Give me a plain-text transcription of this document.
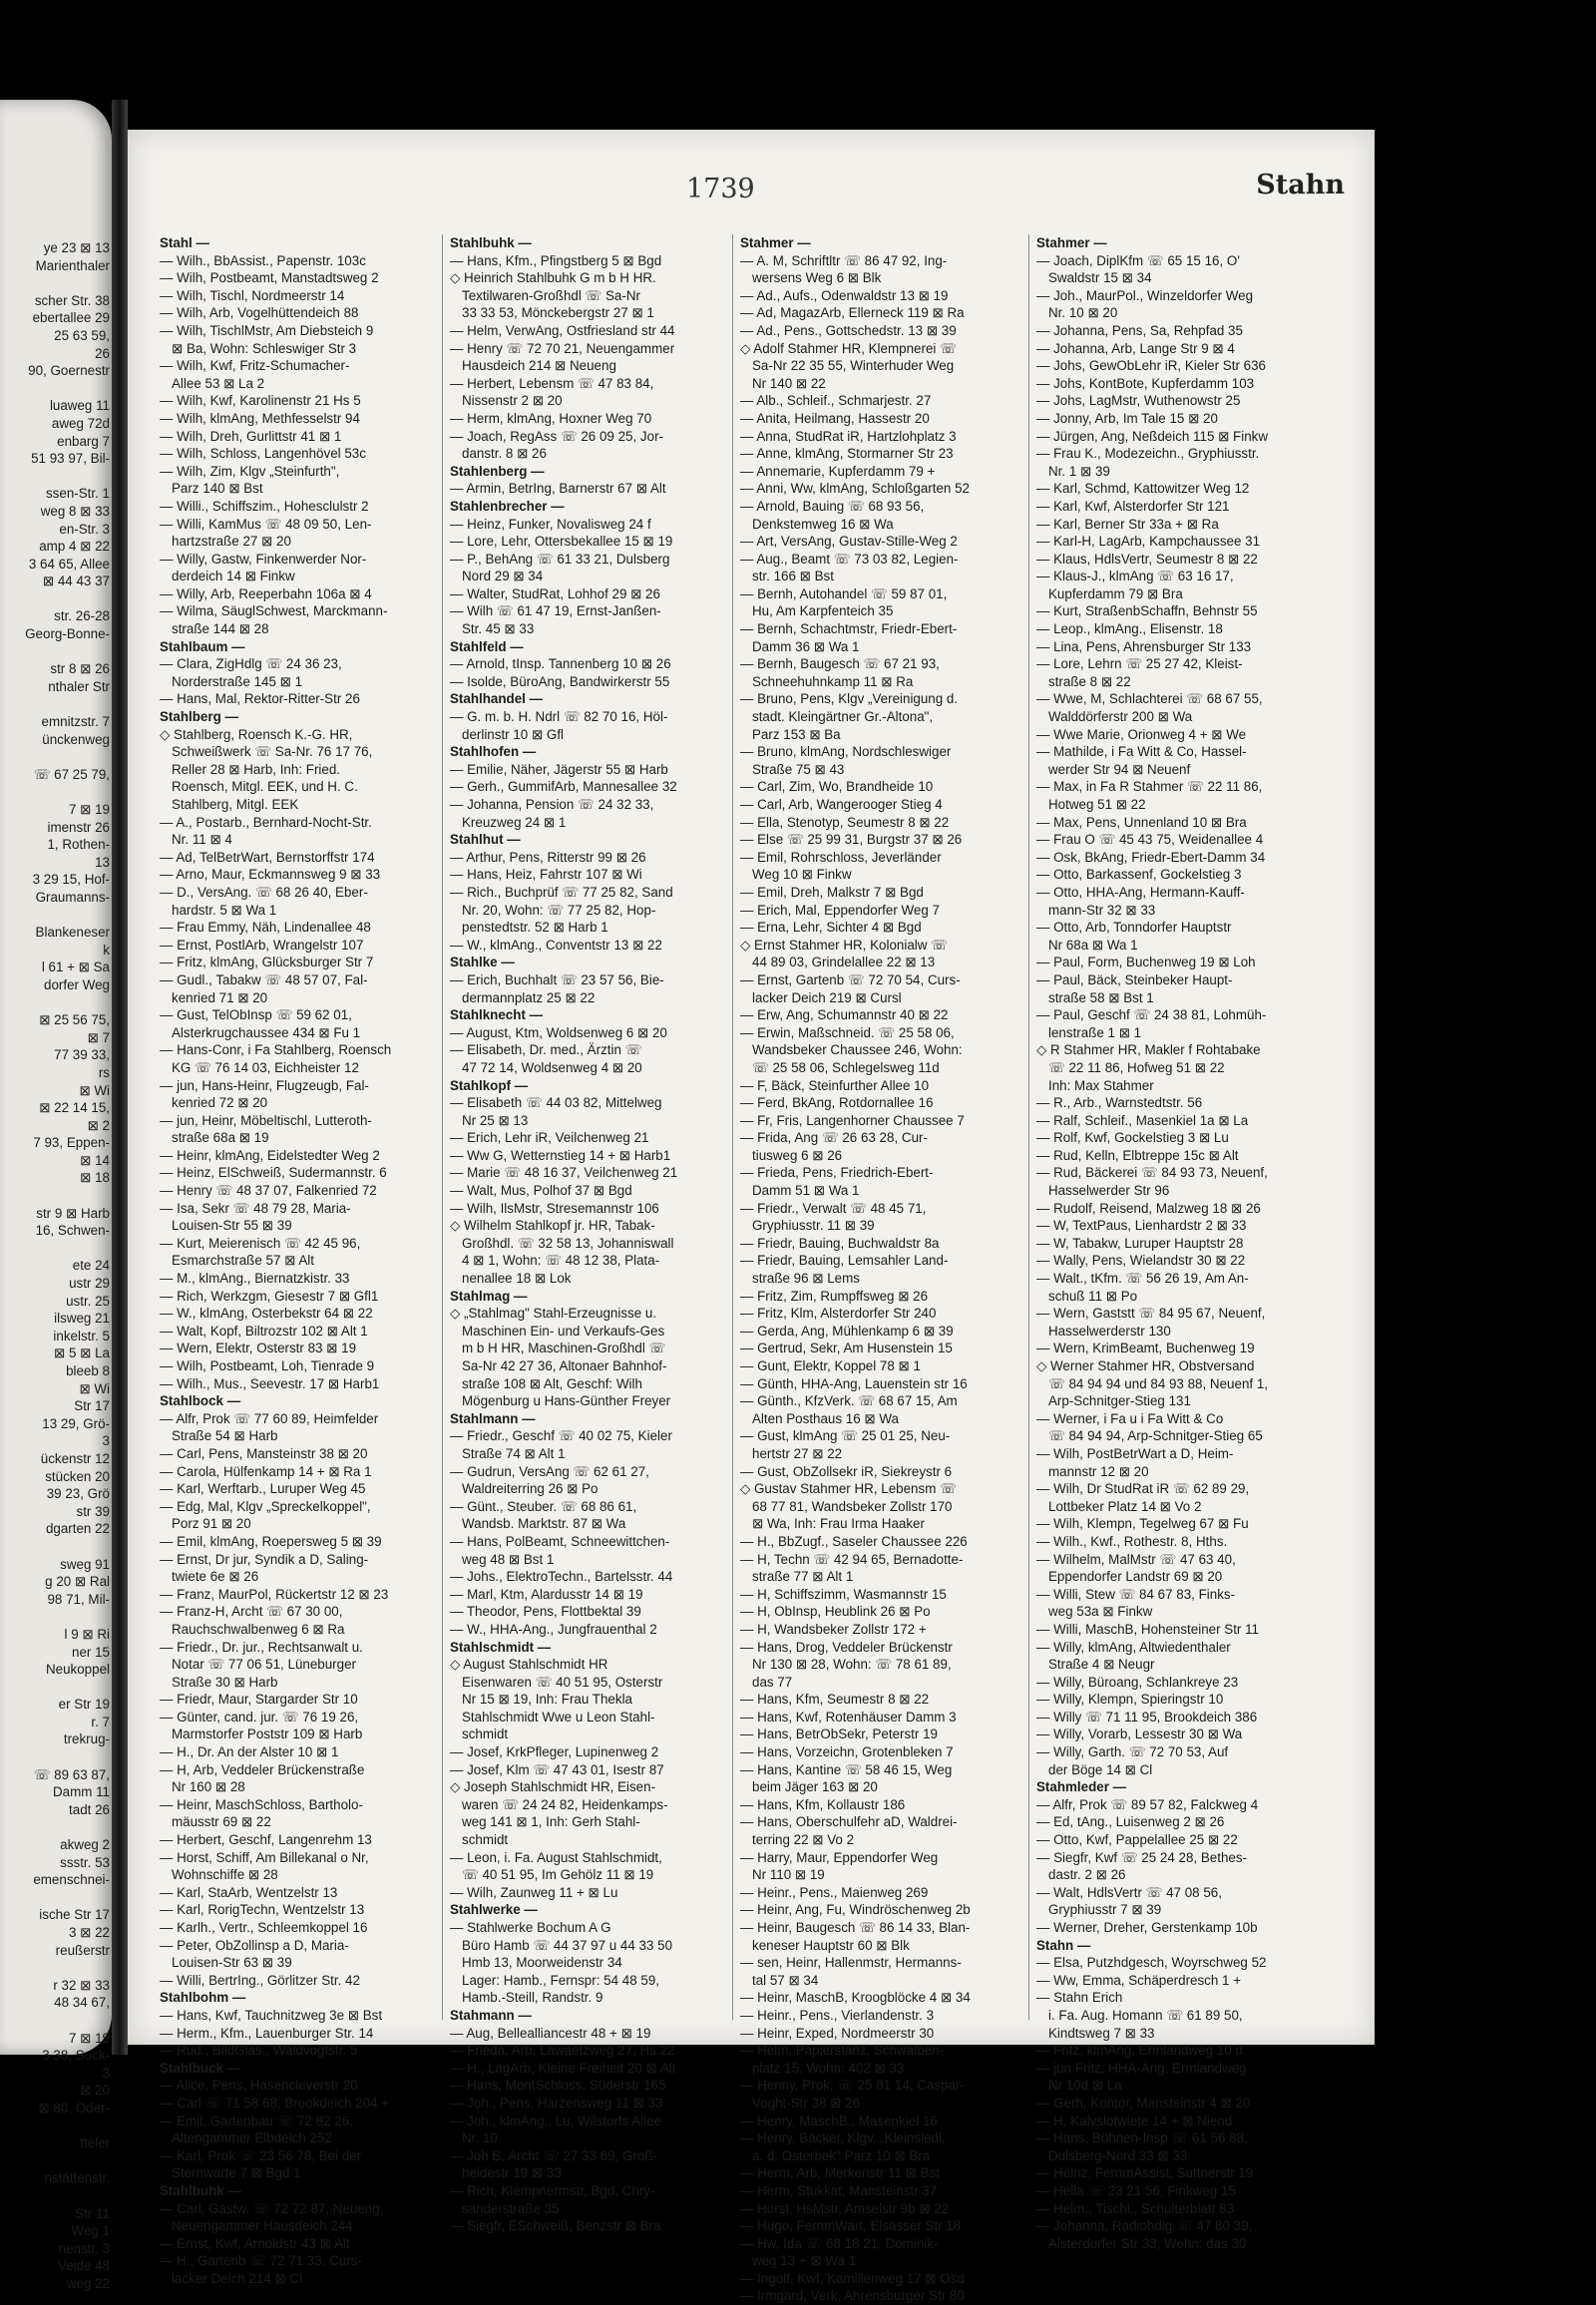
ye 23 ⊠ 13
Marienthaler

scher Str. 38
ebertallee 29
25 63 59,
26
90, Goernestr

luaweg 11
aweg 72d
enbarg 7
51 93 97, Bil-

ssen-Str. 1
weg 8 ⊠ 33
en-Str. 3
amp 4 ⊠ 22
3 64 65, Allee
⊠ 44 43 37

str. 26-28
Georg-Bonne-

str 8 ⊠ 26
nthaler Str

emnitzstr. 7
ünckenweg

☏ 67 25 79,

7 ⊠ 19
imenstr 26
1, Rothen-
13
3 29 15, Hof-
Graumanns-

Blankeneser
k
l 61 + ⊠ Sa
dorfer Weg

⊠ 25 56 75,
⊠ 7
77 39 33,
rs
⊠ Wi
⊠ 22 14 15,
⊠ 2
7 93, Eppen-
⊠ 14
⊠ 18

str 9 ⊠ Harb
16, Schwen-

ete 24
ustr 29
ustr. 25
ilsweg 21
inkelstr. 5
⊠ 5 ⊠ La
bleeb 8
⊠ Wi
Str 17
13 29, Grö-
3
ückenstr 12
stücken 20
39 23, Grö
str 39
dgarten 22

sweg 91
g 20 ⊠ Ral
98 71, Mil-

l 9 ⊠ Ri
ner 15
Neukoppel

er Str 19
r. 7
trekrug-

☏ 89 63 87,
Damm 11
tadt 26

akweg 2
ssstr. 53
emenschnei-

ische Str 17
3 ⊠ 22
reußerstr

r 32 ⊠ 33
48 34 67,

7 ⊠ 19
3 38, Suck-
3
⊠ 20
⊠ 80, Oder-

tteler

nstättenstr.

Str 11
Weg 1
nenstr. 3
Veide 48
weg 22
1739	Stahn
Stahl —
— Wilh., BbAssist., Papenstr. 103c
— Wilh, Postbeamt, Manstadtsweg 2
— Wilh, Tischl, Nordmeerstr 14
— Wilh, Arb, Vogelhüttendeich 88
— Wilh, TischlMstr, Am Diebsteich 9
⊠ Ba, Wohn: Schleswiger Str 3
— Wilh, Kwf, Fritz-Schumacher-
Allee 53 ⊠ La 2
— Wilh, Kwf, Karolinenstr 21 Hs 5
— Wilh, klmAng, Methfesselstr 94
— Wilh, Dreh, Gurlittstr 41 ⊠ 1
— Wilh, Schloss, Langenhövel 53c
— Wilh, Zim, Klgv „Steinfurth",
Parz 140 ⊠ Bst
— Willi., Schiffszim., Hohesclulstr 2
— Willi, KamMus ☏ 48 09 50, Len-
hartzstraße 27 ⊠ 20
— Willy, Gastw, Finkenwerder Nor-
derdeich 14 ⊠ Finkw
— Willy, Arb, Reeperbahn 106a ⊠ 4
— Wilma, SäuglSchwest, Marckmann-
straße 144 ⊠ 28
Stahlbaum —
— Clara, ZigHdlg ☏ 24 36 23,
Norderstraße 145 ⊠ 1
— Hans, Mal, Rektor-Ritter-Str 26
Stahlberg —
◇ Stahlberg, Roensch K.-G. HR,
Schweißwerk ☏ Sa-Nr. 76 17 76,
Reller 28 ⊠ Harb, Inh: Fried.
Roensch, Mitgl. EEK, und H. C.
Stahlberg, Mitgl. EEK
— A., Postarb., Bernhard-Nocht-Str.
Nr. 11 ⊠ 4
— Ad, TelBetrWart, Bernstorffstr 174
— Arno, Maur, Eckmannsweg 9 ⊠ 33
— D., VersAng. ☏ 68 26 40, Eber-
hardstr. 5 ⊠ Wa 1
— Frau Emmy, Näh, Lindenallee 48
— Ernst, PostlArb, Wrangelstr 107
— Fritz, klmAng, Glücksburger Str 7
— Gudl., Tabakw ☏ 48 57 07, Fal-
kenried 71 ⊠ 20
— Gust, TelObInsp ☏ 59 62 01,
Alsterkrugchaussee 434 ⊠ Fu 1
— Hans-Conr, i Fa Stahlberg, Roensch
KG ☏ 76 14 03, Eichheister 12
— jun, Hans-Heinr, Flugzeugb, Fal-
kenried 72 ⊠ 20
— jun, Heinr, Möbeltischl, Lutteroth-
straße 68a ⊠ 19
— Heinr, klmAng, Eidelstedter Weg 2
— Heinz, ElSchweiß, Sudermannstr. 6
— Henry ☏ 48 37 07, Falkenried 72
— Isa, Sekr ☏ 48 79 28, Maria-
Louisen-Str 55 ⊠ 39
— Kurt, Meierenisch ☏ 42 45 96,
Esmarchstraße 57 ⊠ Alt
— M., klmAng., Biernatzkistr. 33
— Rich, Werkzgm, Giesestr 7 ⊠ Gfl1
— W., klmAng, Osterbekstr 64 ⊠ 22
— Walt, Kopf, Biltrozstr 102 ⊠ Alt 1
— Wern, Elektr, Osterstr 83 ⊠ 19
— Wilh, Postbeamt, Loh, Tienrade 9
— Wilh., Mus., Seevestr. 17 ⊠ Harb1
Stahlbock —
— Alfr, Prok ☏ 77 60 89, Heimfelder
Straße 54 ⊠ Harb
— Carl, Pens, Mansteinstr 38 ⊠ 20
— Carola, Hülfenkamp 14 + ⊠ Ra 1
— Karl, Werftarb., Luruper Weg 45
— Edg, Mal, Klgv „Spreckelkoppel",
Porz 91 ⊠ 20
— Emil, klmAng, Roepersweg 5 ⊠ 39
— Ernst, Dr jur, Syndik a D, Saling-
twiete 6e ⊠ 26
— Franz, MaurPol, Rückertstr 12 ⊠ 23
— Franz-H, Archt ☏ 67 30 00,
Rauchschwalbenweg 6 ⊠ Ra
— Friedr., Dr. jur., Rechtsanwalt u.
Notar ☏ 77 06 51, Lüneburger
Straße 30 ⊠ Harb
— Friedr, Maur, Stargarder Str 10
— Günter, cand. jur. ☏ 76 19 26,
Marmstorfer Poststr 109 ⊠ Harb
— H., Dr. An der Alster 10 ⊠ 1
— H, Arb, Veddeler Brückenstraße
Nr 160 ⊠ 28
— Heinr, MaschSchloss, Bartholo-
mäusstr 69 ⊠ 22
— Herbert, Geschf, Langenrehm 13
— Horst, Schiff, Am Billekanal o Nr,
Wohnschiffe ⊠ 28
— Karl, StaArb, Wentzelstr 13
— Karl, RorigTechn, Wentzelstr 13
— Karlh., Vertr., Schleemkoppel 16
— Peter, ObZollinsp a D, Maria-
Louisen-Str 63 ⊠ 39
— Willi, BertrIng., Görlitzer Str. 42
Stahlbohm —
— Hans, Kwf, Tauchnitzweg 3e ⊠ Bst
— Herm., Kfm., Lauenburger Str. 14
— Rud., BildGlas., Waldvogtstr. 5
Stahlbuck —
— Alice, Pens, Hasencleverstr 20
— Carl ☏ 71 58 68, Brookdeich 204 +
— Emil, Gartenbau ☏ 72 82 26,
Altengammer Elbdeich 252
— Karl, Prok ☏ 23 56 78, Bei der
Sternwarte 7 ⊠ Bgd 1
Stahlbuhk —
— Carl, Gastw, ☏ 72 72 87, Neueng,
Neuengammer Hausdeich 244
— Ernst, Kwf, Arnoldstr 43 ⊠ Alt
— H., Gartenb ☏ 72 71 33, Curs-
lacker Deich 214 ⊠ Cl
Stahlbuhk —
— Hans, Kfm., Pfingstberg 5 ⊠ Bgd
◇ Heinrich Stahlbuhk G m b H HR.
Textilwaren-Großhdl ☏ Sa-Nr
33 33 53, Mönckebergstr 27 ⊠ 1
— Helm, VerwAng, Ostfriesland str 44
— Henry ☏ 72 70 21, Neuengammer
Hausdeich 214 ⊠ Neueng
— Herbert, Lebensm ☏ 47 83 84,
Nissenstr 2 ⊠ 20
— Herm, klmAng, Hoxner Weg 70
— Joach, RegAss ☏ 26 09 25, Jor-
danstr. 8 ⊠ 26
Stahlenberg —
— Armin, BetrIng, Barnerstr 67 ⊠ Alt
Stahlenbrecher —
— Heinz, Funker, Novalisweg 24 f
— Lore, Lehr, Ottersbekallee 15 ⊠ 19
— P., BehAng ☏ 61 33 21, Dulsberg
Nord 29 ⊠ 34
— Walter, StudRat, Lohhof 29 ⊠ 26
— Wilh ☏ 61 47 19, Ernst-Janßen-
Str. 45 ⊠ 33
Stahlfeld —
— Arnold, tInsp. Tannenberg 10 ⊠ 26
— Isolde, BüroAng, Bandwirkerstr 55
Stahlhandel —
— G. m. b. H. Ndrl ☏ 82 70 16, Höl-
derlinstr 10 ⊠ Gfl
Stahlhofen —
— Emilie, Näher, Jägerstr 55 ⊠ Harb
— Gerh., GummifArb, Mannesallee 32
— Johanna, Pension ☏ 24 32 33,
Kreuzweg 24 ⊠ 1
Stahlhut —
— Arthur, Pens, Ritterstr 99 ⊠ 26
— Hans, Heiz, Fahrstr 107 ⊠ Wi
— Rich., Buchprüf ☏ 77 25 82, Sand
Nr. 20, Wohn: ☏ 77 25 82, Hop-
penstedtstr. 52 ⊠ Harb 1
— W., klmAng., Conventstr 13 ⊠ 22
Stahlke —
— Erich, Buchhalt ☏ 23 57 56, Bie-
dermannplatz 25 ⊠ 22
Stahlknecht —
— August, Ktm, Woldsenweg 6 ⊠ 20
— Elisabeth, Dr. med., Ärztin ☏
47 72 14, Woldsenweg 4 ⊠ 20
Stahlkopf —
— Elisabeth ☏ 44 03 82, Mittelweg
Nr 25 ⊠ 13
— Erich, Lehr iR, Veilchenweg 21
— Ww G, Wetternstieg 14 + ⊠ Harb1
— Marie ☏ 48 16 37, Veilchenweg 21
— Walt, Mus, Polhof 37 ⊠ Bgd
— Wilh, IlsMstr, Stresemannstr 106
◇ Wilhelm Stahlkopf jr. HR, Tabak-
Großhdl. ☏ 32 58 13, Johanniswall
4 ⊠ 1, Wohn: ☏ 48 12 38, Plata-
nenallee 18 ⊠ Lok
Stahlmag —
◇ „Stahlmag" Stahl-Erzeugnisse u.
Maschinen Ein- und Verkaufs-Ges
m b H HR, Maschinen-Großhdl ☏
Sa-Nr 42 27 36, Altonaer Bahnhof-
straße 108 ⊠ Alt, Geschf: Wilh
Mögenburg u Hans-Günther Freyer
Stahlmann —
— Friedr., Geschf ☏ 40 02 75, Kieler
Straße 74 ⊠ Alt 1
— Gudrun, VersAng ☏ 62 61 27,
Waldreiterring 26 ⊠ Po
— Günt., Steuber. ☏ 68 86 61,
Wandsb. Marktstr. 87 ⊠ Wa
— Hans, PolBeamt, Schneewittchen-
weg 48 ⊠ Bst 1
— Johs., ElektroTechn., Bartelsstr. 44
— Marl, Ktm, Alardusstr 14 ⊠ 19
— Theodor, Pens, Flottbektal 39
— W., HHA-Ang., Jungfrauenthal 2
Stahlschmidt —
◇ August Stahlschmidt HR
Eisenwaren ☏ 40 51 95, Osterstr
Nr 15 ⊠ 19, Inh: Frau Thekla
Stahlschmidt Wwe u Leon Stahl-
schmidt
— Josef, KrkPfleger, Lupinenweg 2
— Josef, Klm ☏ 47 43 01, Isestr 87
◇ Joseph Stahlschmidt HR, Eisen-
waren ☏ 24 24 82, Heidenkamps-
weg 141 ⊠ 1, Inh: Gerh Stahl-
schmidt
— Leon, i. Fa. August Stahlschmidt,
☏ 40 51 95, Im Gehölz 11 ⊠ 19
— Wilh, Zaunweg 11 + ⊠ Lu
Stahlwerke —
— Stahlwerke Bochum A G
Büro Hamb ☏ 44 37 97 u 44 33 50
Hmb 13, Moorweidenstr 34
Lager: Hamb., Fernspr: 54 48 59,
Hamb.-Steill, Randstr. 9
Stahmann —
— Aug, Bellealliancestr 48 + ⊠ 19
— Frieda, Arb, Lawaetzweg 27, Hs 22
— H., LagArb, Kleine Freiheit 20 ⊠ Alt
— Hans, MontSchloss, Süderstr 165
— Joh., Pens, Harzensweg 11 ⊠ 33
— Joh., klmAng., Lu, Wilstorfs Allee
Nr. 10
— Joh B, Archt ☏ 27 33 69, Groß-
heidestr 19 ⊠ 33
— Rich, Klempnermstr, Bgd, Chry-
sanderstraße 35
— Siegfr, ESchweiß, Benzstr ⊠ Bra
Stahmer —
— A. M, Schriftltr ☏ 86 47 92, Ing-
wersens Weg 6 ⊠ Blk
— Ad., Aufs., Odenwaldstr 13 ⊠ 19
— Ad, MagazArb, Ellerneck 119 ⊠ Ra
— Ad., Pens., Gottschedstr. 13 ⊠ 39
◇ Adolf Stahmer HR, Klempnerei ☏
Sa-Nr 22 35 55, Winterhuder Weg
Nr 140 ⊠ 22
— Alb., Schleif., Schmarjestr. 27
— Anita, Heilmang, Hassestr 20
— Anna, StudRat iR, Hartzlohplatz 3
— Anne, klmAng, Stormarner Str 23
— Annemarie, Kupferdamm 79 +
— Anni, Ww, klmAng, Schloßgarten 52
— Arnold, Bauing ☏ 68 93 56,
Denkstemweg 16 ⊠ Wa
— Art, VersAng, Gustav-Stille-Weg 2
— Aug., Beamt ☏ 73 03 82, Legien-
str. 166 ⊠ Bst
— Bernh, Autohandel ☏ 59 87 01,
Hu, Am Karpfenteich 35
— Bernh, Schachtmstr, Friedr-Ebert-
Damm 36 ⊠ Wa 1
— Bernh, Baugesch ☏ 67 21 93,
Schneehuhnkamp 11 ⊠ Ra
— Bruno, Pens, Klgv „Vereinigung d.
stadt. Kleingärtner Gr.-Altona",
Parz 153 ⊠ Ba
— Bruno, klmAng, Nordschleswiger
Straße 75 ⊠ 43
— Carl, Zim, Wo, Brandheide 10
— Carl, Arb, Wangerooger Stieg 4
— Ella, Stenotyp, Seumestr 8 ⊠ 22
— Else ☏ 25 99 31, Burgstr 37 ⊠ 26
— Emil, Rohrschloss, Jeverländer
Weg 10 ⊠ Finkw
— Emil, Dreh, Malkstr 7 ⊠ Bgd
— Erich, Mal, Eppendorfer Weg 7
— Erna, Lehr, Sichter 4 ⊠ Bgd
◇ Ernst Stahmer HR, Kolonialw ☏
44 89 03, Grindelallee 22 ⊠ 13
— Ernst, Gartenb ☏ 72 70 54, Curs-
lacker Deich 219 ⊠ Cursl
— Erw, Ang, Schumannstr 40 ⊠ 22
— Erwin, Maßschneid. ☏ 25 58 06,
Wandsbeker Chaussee 246, Wohn:
☏ 25 58 06, Schlegelsweg 11d
— F, Bäck, Steinfurther Allee 10
— Ferd, BkAng, Rotdornallee 16
— Fr, Fris, Langenhorner Chaussee 7
— Frida, Ang ☏ 26 63 28, Cur-
tiusweg 6 ⊠ 26
— Frieda, Pens, Friedrich-Ebert-
Damm 51 ⊠ Wa 1
— Friedr., Verwalt ☏ 48 45 71,
Gryphiusstr. 11 ⊠ 39
— Friedr, Bauing, Buchwaldstr 8a
— Friedr, Bauing, Lemsahler Land-
straße 96 ⊠ Lems
— Fritz, Zim, Rumpffsweg ⊠ 26
— Fritz, Klm, Alsterdorfer Str 240
— Gerda, Ang, Mühlenkamp 6 ⊠ 39
— Gertrud, Sekr, Am Husenstein 15
— Gunt, Elektr, Koppel 78 ⊠ 1
— Günth, HHA-Ang, Lauenstein str 16
— Günth., KfzVerk. ☏ 68 67 15, Am
Alten Posthaus 16 ⊠ Wa
— Gust, klmAng ☏ 25 01 25, Neu-
hertstr 27 ⊠ 22
— Gust, ObZollsekr iR, Siekreystr 6
◇ Gustav Stahmer HR, Lebensm ☏
68 77 81, Wandsbeker Zollstr 170
⊠ Wa, Inh: Frau Irma Haaker
— H., BbZugf., Saseler Chaussee 226
— H, Techn ☏ 42 94 65, Bernadotte-
straße 77 ⊠ Alt 1
— H, Schiffszimm, Wasmannstr 15
— H, ObInsp, Heublink 26 ⊠ Po
— H, Wandsbeker Zollstr 172 +
— Hans, Drog, Veddeler Brückenstr
Nr 130 ⊠ 28, Wohn: ☏ 78 61 89,
das 77
— Hans, Kfm, Seumestr 8 ⊠ 22
— Hans, Kwf, Rotenhäuser Damm 3
— Hans, BetrObSekr, Peterstr 19
— Hans, Vorzeichn, Grotenbleken 7
— Hans, Kantine ☏ 58 46 15, Weg
beim Jäger 163 ⊠ 20
— Hans, Kfm, Kollaustr 186
— Hans, Oberschulfehr aD, Waldrei-
terring 22 ⊠ Vo 2
— Harry, Maur, Eppendorfer Weg
Nr 110 ⊠ 19
— Heinr., Pens., Maienweg 269
— Heinr, Ang, Fu, Windröschenweg 2b
— Heinr, Baugesch ☏ 86 14 33, Blan-
keneser Hauptstr 60 ⊠ Blk
— sen, Heinr, Hallenmstr, Hermanns-
tal 57 ⊠ 34
— Heinr, MaschB, Kroogblöcke 4 ⊠ 34
— Heinr., Pens., Vierlandenstr. 3
— Heinr, Exped, Nordmeerstr 30
— Helm, Papierstanz, Schwalben-
platz 15, Wohn: 402 ⊠ 33
— Henny, Prok, ☏ 25 81 14, Caspar-
Voght-Str 38 ⊠ 26
— Henry, MaschB., Masenkiel 16
— Henry, Bäcker, Klgv. „Kleinsiedl.
a. d. Osterbek" Parz 10 ⊠ Bra
— Herm, Arb, Merkenstr 11 ⊠ Bst
— Herm, Stukkat, Mansteinstr 37
— Horst, HsMstr, Amselstr 9b ⊠ 22
— Hugo, FernmWart, Elsässer Str 18
— Hw, Ida ☏ 68 18 21, Dominik-
weg 13 + ⊠ Wa 1
— Ingolf, Kwf, Kamillenweg 17 ⊠ Osd
— Irmgard, Verk, Ahrensburger Str 80
Stahmer —
— Joach, DiplKfm ☏ 65 15 16, O'
Swaldstr 15 ⊠ 34
— Joh., MaurPol., Winzeldorfer Weg
Nr. 10 ⊠ 20
— Johanna, Pens, Sa, Rehpfad 35
— Johanna, Arb, Lange Str 9 ⊠ 4
— Johs, GewObLehr iR, Kieler Str 636
— Johs, KontBote, Kupferdamm 103
— Johs, LagMstr, Wuthenowstr 25
— Jonny, Arb, Im Tale 15 ⊠ 20
— Jürgen, Ang, Neßdeich 115 ⊠ Finkw
— Frau K., Modezeichn., Gryphiusstr.
Nr. 1 ⊠ 39
— Karl, Schmd, Kattowitzer Weg 12
— Karl, Kwf, Alsterdorfer Str 121
— Karl, Berner Str 33a + ⊠ Ra
— Karl-H, LagArb, Kampchaussee 31
— Klaus, HdlsVertr, Seumestr 8 ⊠ 22
— Klaus-J., klmAng ☏ 63 16 17,
Kupferdamm 79 ⊠ Bra
— Kurt, StraßenbSchaffn, Behnstr 55
— Leop., klmAng., Elisenstr. 18
— Lina, Pens, Ahrensburger Str 133
— Lore, Lehrn ☏ 25 27 42, Kleist-
straße 8 ⊠ 22
— Wwe, M, Schlachterei ☏ 68 67 55,
Walddörferstr 200 ⊠ Wa
— Wwe Marie, Orionweg 4 + ⊠ We
— Mathilde, i Fa Witt & Co, Hassel-
werder Str 94 ⊠ Neuenf
— Max, in Fa R Stahmer ☏ 22 11 86,
Hotweg 51 ⊠ 22
— Max, Pens, Unnenland 10 ⊠ Bra
— Frau O ☏ 45 43 75, Weidenallee 4
— Osk, BkAng, Friedr-Ebert-Damm 34
— Otto, Barkassenf, Gockelstieg 3
— Otto, HHA-Ang, Hermann-Kauff-
mann-Str 32 ⊠ 33
— Otto, Arb, Tonndorfer Hauptstr
Nr 68a ⊠ Wa 1
— Paul, Form, Buchenweg 19 ⊠ Loh
— Paul, Bäck, Steinbeker Haupt-
straße 58 ⊠ Bst 1
— Paul, Geschf ☏ 24 38 81, Lohmüh-
lenstraße 1 ⊠ 1
◇ R Stahmer HR, Makler f Rohtabake
☏ 22 11 86, Hofweg 51 ⊠ 22
Inh: Max Stahmer
— R., Arb., Warnstedtstr. 56
— Ralf, Schleif., Masenkiel 1a ⊠ La
— Rolf, Kwf, Gockelstieg 3 ⊠ Lu
— Rud, Kelln, Elbtreppe 15c ⊠ Alt
— Rud, Bäckerei ☏ 84 93 73, Neuenf,
Hasselwerder Str 96
— Rudolf, Reisend, Malzweg 18 ⊠ 26
— W, TextPaus, Lienhardstr 2 ⊠ 33
— W, Tabakw, Luruper Hauptstr 28
— Wally, Pens, Wielandstr 30 ⊠ 22
— Walt., tKfm. ☏ 56 26 19, Am An-
schuß 11 ⊠ Po
— Wern, Gaststt ☏ 84 95 67, Neuenf,
Hasselwerderstr 130
— Wern, KrimBeamt, Buchenweg 19
◇ Werner Stahmer HR, Obstversand
☏ 84 94 94 und 84 93 88, Neuenf 1,
Arp-Schnitger-Stieg 131
— Werner, i Fa u i Fa Witt & Co
☏ 84 94 94, Arp-Schnitger-Stieg 65
— Wilh, PostBetrWart a D, Heim-
mannstr 12 ⊠ 20
— Wilh, Dr StudRat iR ☏ 62 89 29,
Lottbeker Platz 14 ⊠ Vo 2
— Wilh, Klempn, Tegelweg 67 ⊠ Fu
— Wilh., Kwf., Rothestr. 8, Hths.
— Wilhelm, MalMstr ☏ 47 63 40,
Eppendorfer Landstr 69 ⊠ 20
— Willi, Stew ☏ 84 67 83, Finks-
weg 53a ⊠ Finkw
— Willi, MaschB, Hohensteiner Str 11
— Willy, klmAng, Altwiedenthaler
Straße 4 ⊠ Neugr
— Willy, Büroang, Schlankreye 23
— Willy, Klempn, Spieringstr 10
— Willy ☏ 71 11 95, Brookdeich 386
— Willy, Vorarb, Lessestr 30 ⊠ Wa
— Willy, Garth. ☏ 72 70 53, Auf
der Böge 14 ⊠ Cl
Stahmleder —
— Alfr, Prok ☏ 89 57 82, Falckweg 4
— Ed, tAng., Luisenweg 2 ⊠ 26
— Otto, Kwf, Pappelallee 25 ⊠ 22
— Siegfr, Kwf ☏ 25 24 28, Bethes-
dastr. 2 ⊠ 26
— Walt, HdlsVertr ☏ 47 08 56,
Gryphiusstr 7 ⊠ 39
— Werner, Dreher, Gerstenkamp 10b
Stahn —
— Elsa, Putzhdgesch, Woyrschweg 52
— Ww, Emma, Schäperdresch 1 +
— Stahn Erich
i. Fa. Aug. Homann ☏ 61 89 50,
Kindtsweg 7 ⊠ 33
— Fritz, klmAng, Ermlandweg 10 d
— jun Fritz, HHA-Ang, Ermlandweg
Nr 10d ⊠ La
— Gerh, Kontor, Mansteinstr 4 ⊠ 20
— H, Kalvslotwiete 14 + ⊠ Niend
— Hans, Bühnen-Insp ☏ 61 56 88,
Dulsberg-Nord 33 ⊠ 33
— Heinz, FernmAssist, Suttnerstr 19
— Hella ☏ 23 21 56, Finkweg 15
— Helm., Tischl., Schulterblatt 83
— Johanna, Radiohdlg ☏ 47 80 39,
Alsterdorfer Str 33, Wohn: das 30
